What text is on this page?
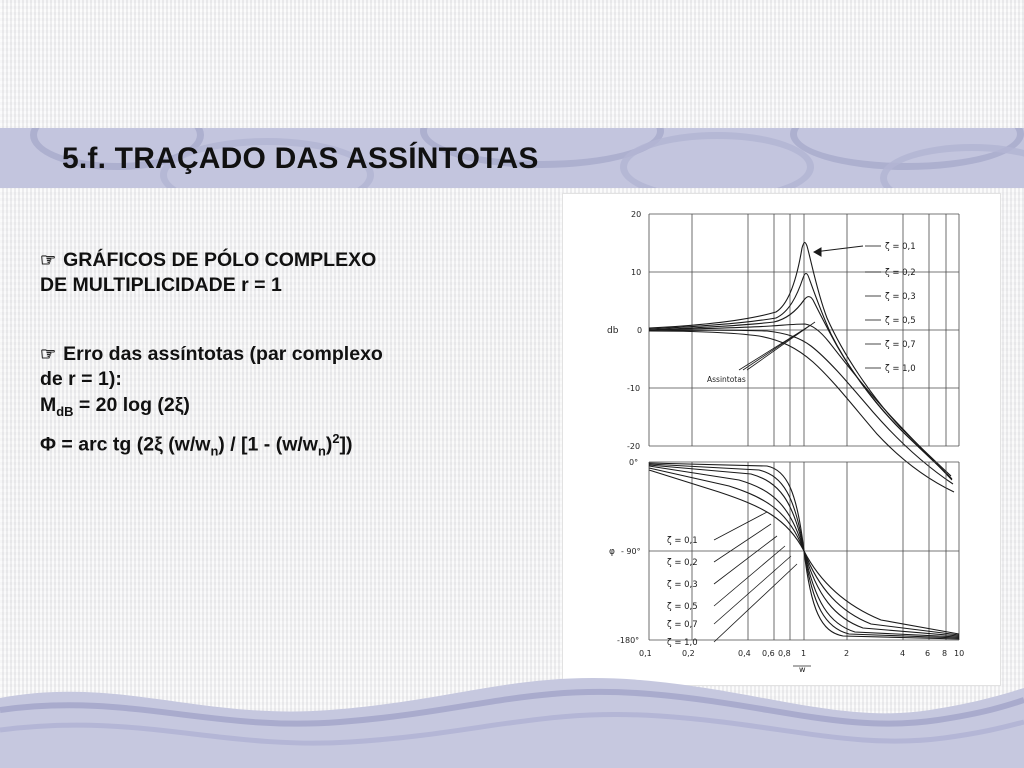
5.f. TRAÇADO DAS ASSÍNTOTAS
☞ GRÁFICOS DE PÓLO COMPLEXO
DE MULTIPLICIDADE r = 1
☞ Erro das assíntotas (par complexo
de r = 1):
$M_{dB} = 20$ log (2ξ)
Φ = arc tg (2ξ $(w/w_n) / [1 - (w/w_n)^2]$)
20
10
0
-10
-20
db
Assintotas
ζ = 0,1
ζ = 0,2
ζ = 0,3
ζ = 0,5
ζ = 0,7
ζ = 1,0
0°
- 90°
-180°
φ
ζ = 0,1
ζ = 0,2
ζ = 0,3
ζ = 0,5
ζ = 0,7
ζ = 1,0
0,1	0,2	0,4 0,6 0,8 1	2	4 6 8 10
w
